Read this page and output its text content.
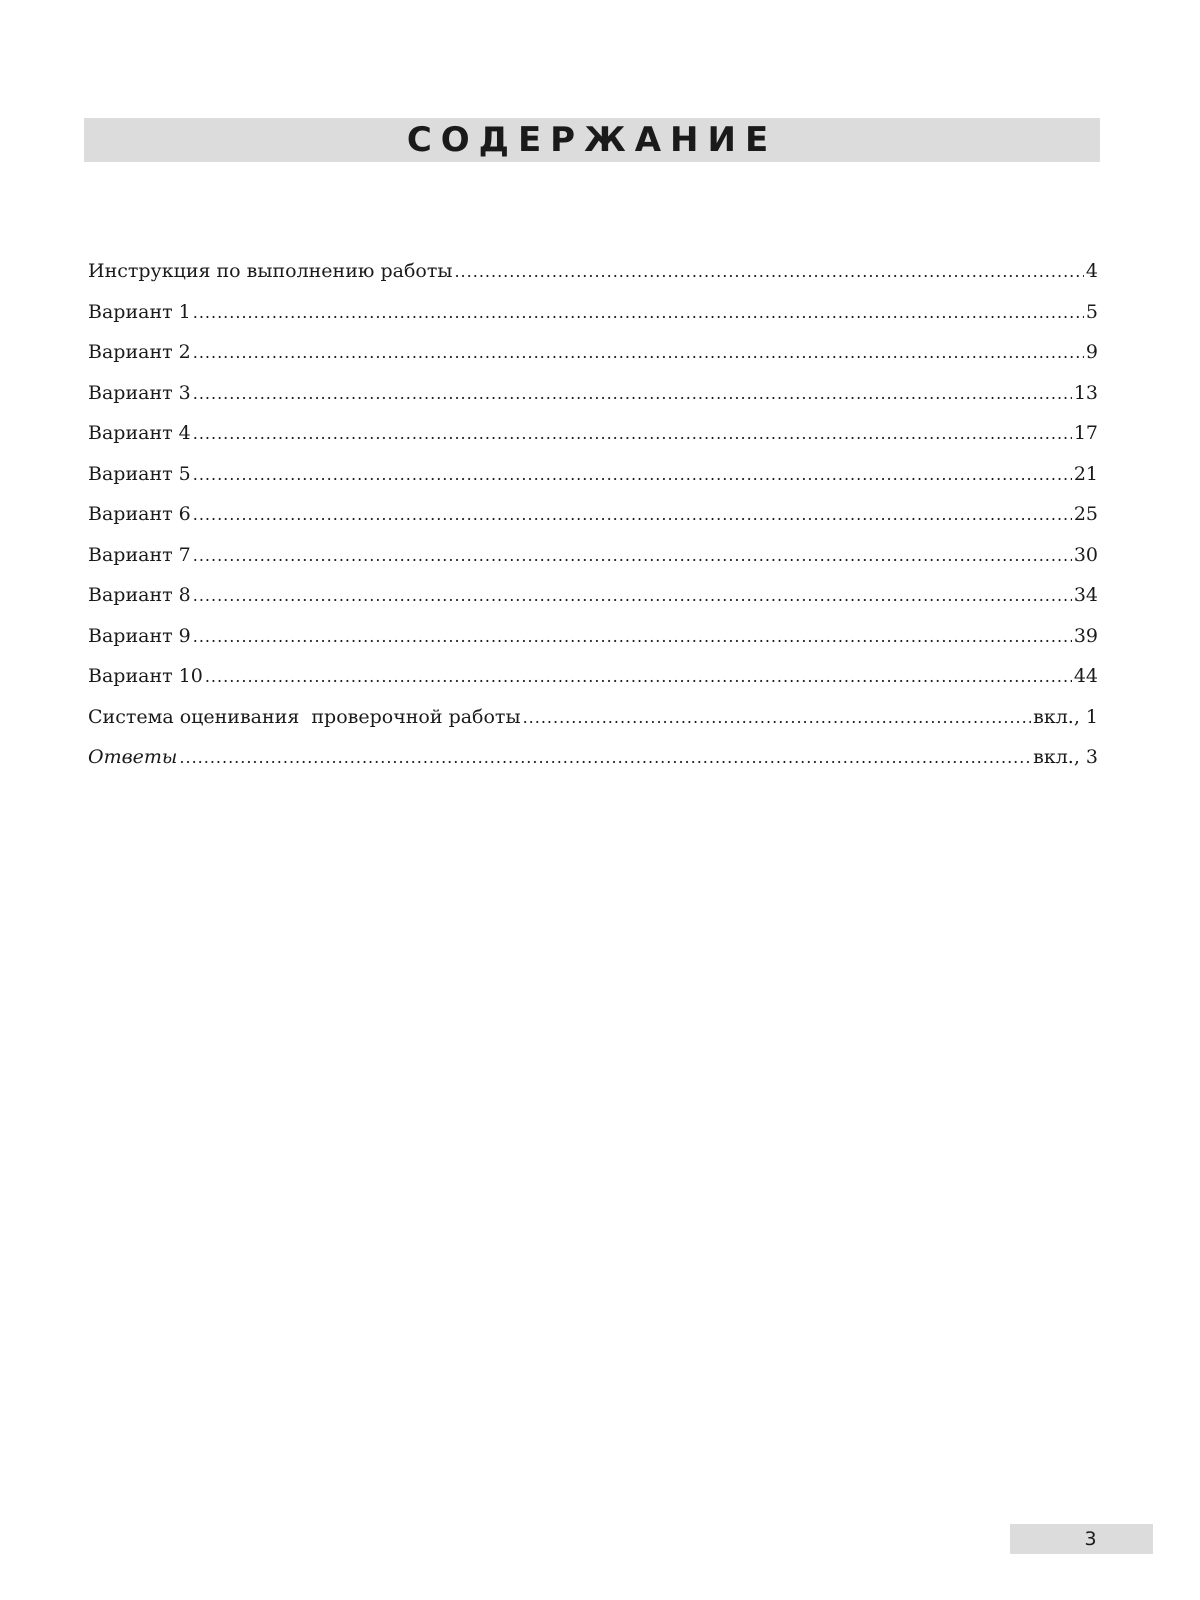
СОДЕРЖАНИЕ
Инструкция по выполнению работы .....	4
Вариант 1 .....	5
Вариант 2 .....	9
Вариант 3 .....	13
Вариант 4 .....	17
Вариант 5 .....	21
Вариант 6 .....	25
Вариант 7 .....	30
Вариант 8 .....	34
Вариант 9 .....	39
Вариант 10 .....	44
Система оценивания  проверочной работы .....	вкл., 1
Ответы .....	вкл., 3
3
